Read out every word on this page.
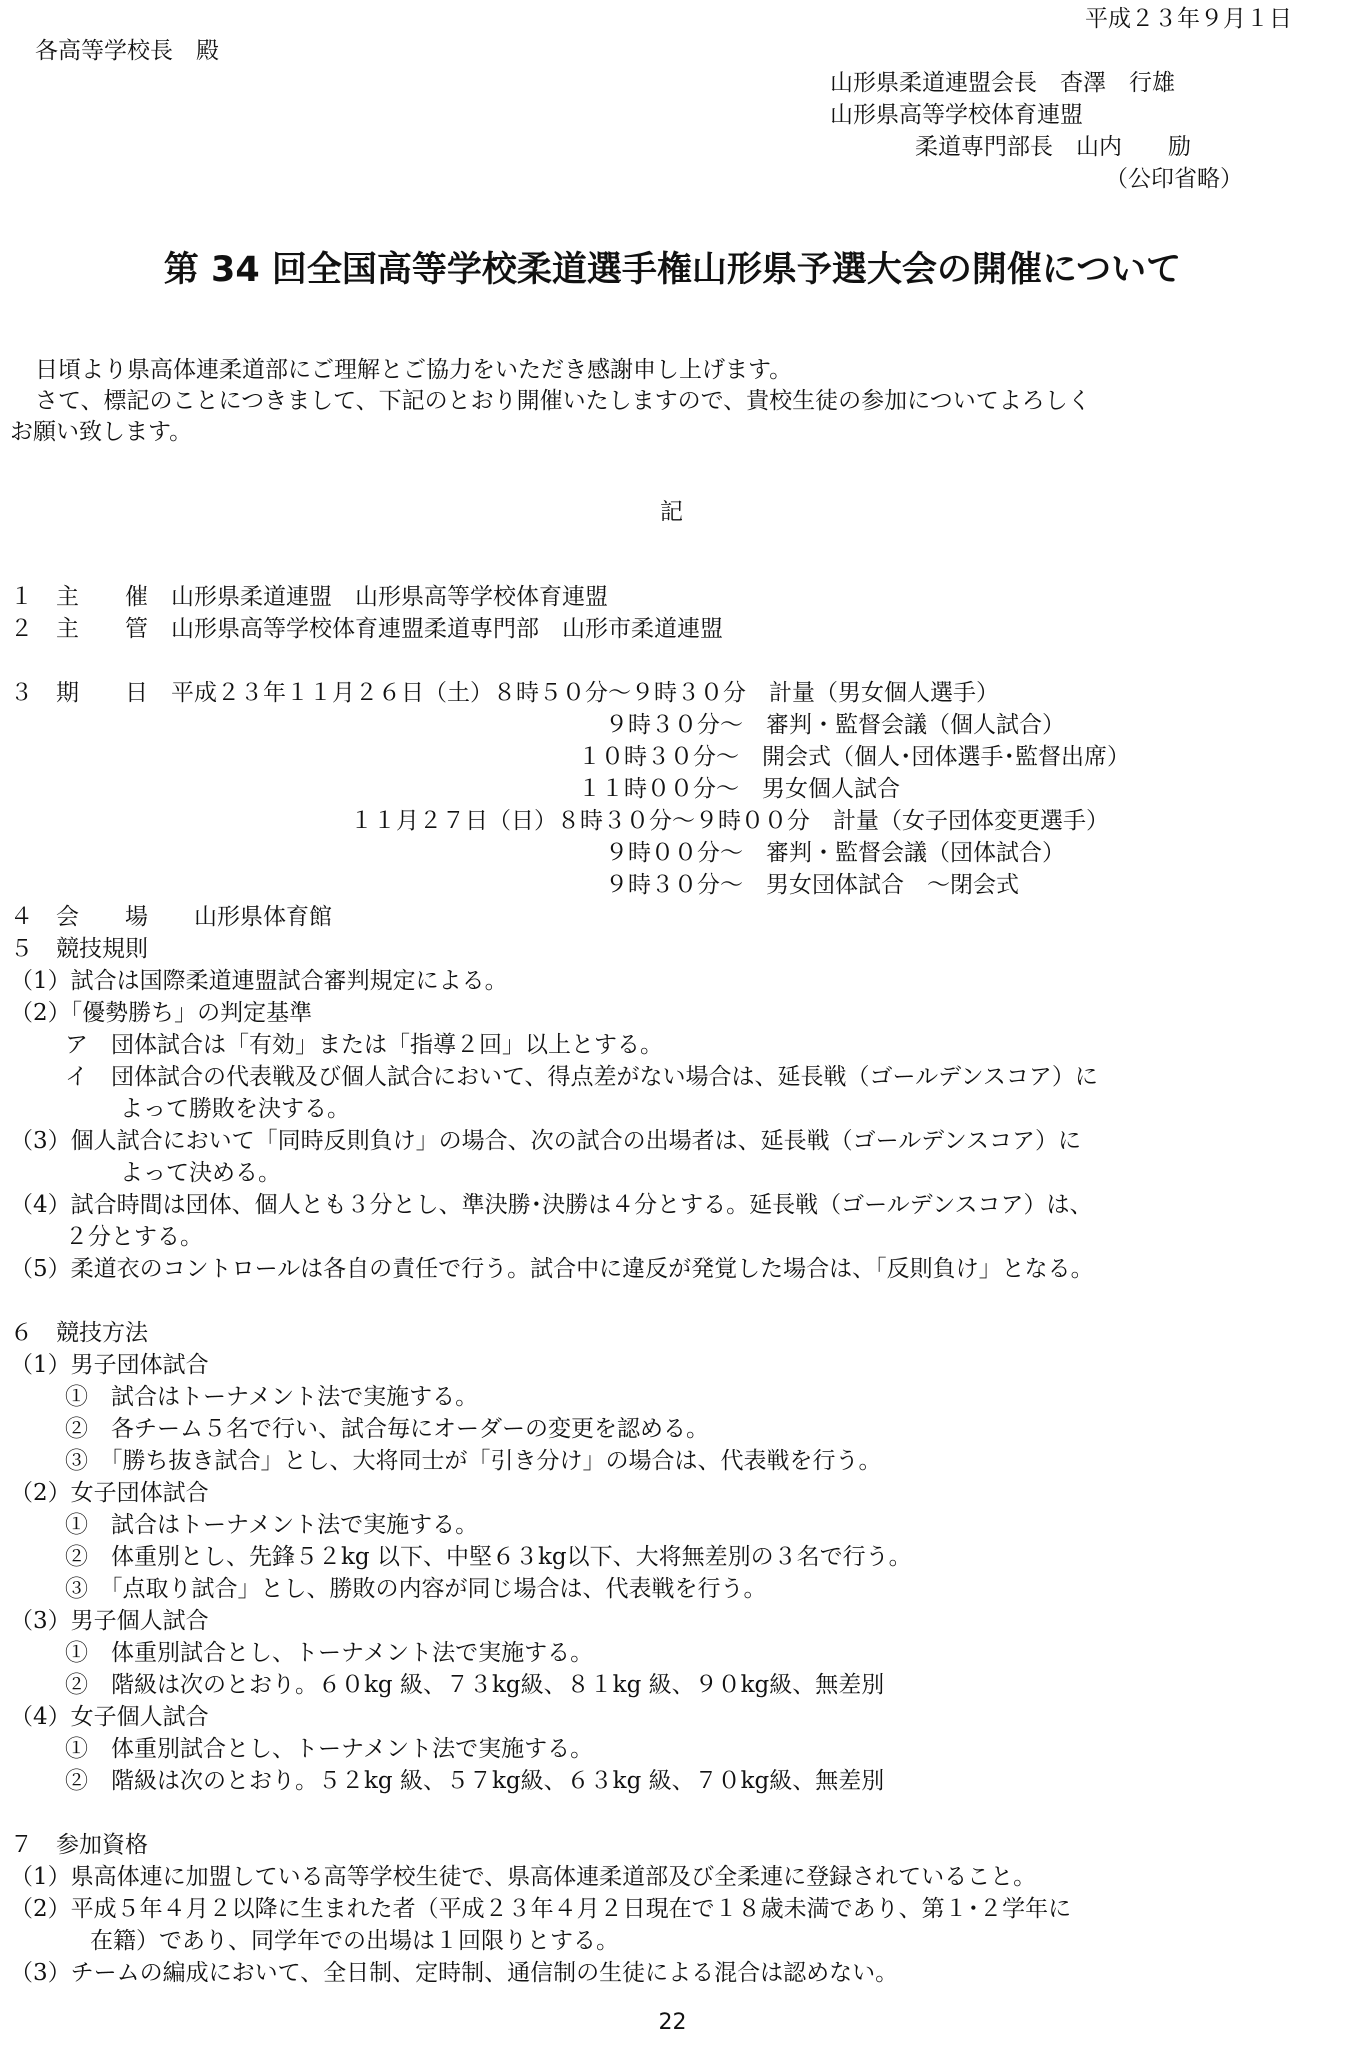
平成２３年９月１日
各高等学校長　殿
山形県柔道連盟会長　杳澤　行雄
山形県高等学校体育連盟
柔道専門部長　山内　　励
（公印省略）
第 34 回全国高等学校柔道選手権山形県予選大会の開催について
日頃より県高体連柔道部にご理解とご協力をいただき感謝申し上げます。
さて、標記のことにつきまして、下記のとおり開催いたしますので、貴校生徒の参加についてよろしく
お願い致します。
記
１　主　　催　山形県柔道連盟　山形県高等学校体育連盟
２　主　　管　山形県高等学校体育連盟柔道専門部　山形市柔道連盟
３　期　　日　平成２３年１１月２６日（土）８時５０分～９時３０分　計量（男女個人選手）
９時３０分～　審判・監督会議（個人試合）
１０時３０分～　開会式（個人･団体選手･監督出席）
１１時００分～　男女個人試合
１１月２７日（日）８時３０分～９時００分　計量（女子団体変更選手）
９時００分～　審判・監督会議（団体試合）
９時３０分～　男女団体試合　～閉会式
４　会　　場　　山形県体育館
５　競技規則
（1）試合は国際柔道連盟試合審判規定による。
（2）「優勢勝ち」の判定基準
ア　団体試合は「有効」または「指導２回」以上とする。
イ　団体試合の代表戦及び個人試合において、得点差がない場合は、延長戦（ゴールデンスコア）に
よって勝敗を決する。
（3）個人試合において「同時反則負け」の場合、次の試合の出場者は、延長戦（ゴールデンスコア）に
よって決める。
（4）試合時間は団体、個人とも３分とし、準決勝･決勝は４分とする。延長戦（ゴールデンスコア）は、
２分とする。
（5）柔道衣のコントロールは各自の責任で行う。試合中に違反が発覚した場合は、「反則負け」となる。
６　競技方法
（1）男子団体試合
①　試合はトーナメント法で実施する。
②　各チーム５名で行い、試合毎にオーダーの変更を認める。
③　「勝ち抜き試合」とし、大将同士が「引き分け」の場合は、代表戦を行う。
（2）女子団体試合
①　試合はトーナメント法で実施する。
②　体重別とし、先鋒５２kg 以下、中堅６３kg以下、大将無差別の３名で行う。
③　「点取り試合」とし、勝敗の内容が同じ場合は、代表戦を行う。
（3）男子個人試合
①　体重別試合とし、トーナメント法で実施する。
②　階級は次のとおり。６０kg 級、７３kg級、８１kg 級、９０kg級、無差別
（4）女子個人試合
①　体重別試合とし、トーナメント法で実施する。
②　階級は次のとおり。５２kg 級、５７kg級、６３kg 級、７０kg級、無差別
７　参加資格
（1）県高体連に加盟している高等学校生徒で、県高体連柔道部及び全柔連に登録されていること。
（2）平成５年４月２以降に生まれた者（平成２３年４月２日現在で１８歳未満であり、第１･２学年に
在籍）であり、同学年での出場は１回限りとする。
（3）チームの編成において、全日制、定時制、通信制の生徒による混合は認めない。
22
